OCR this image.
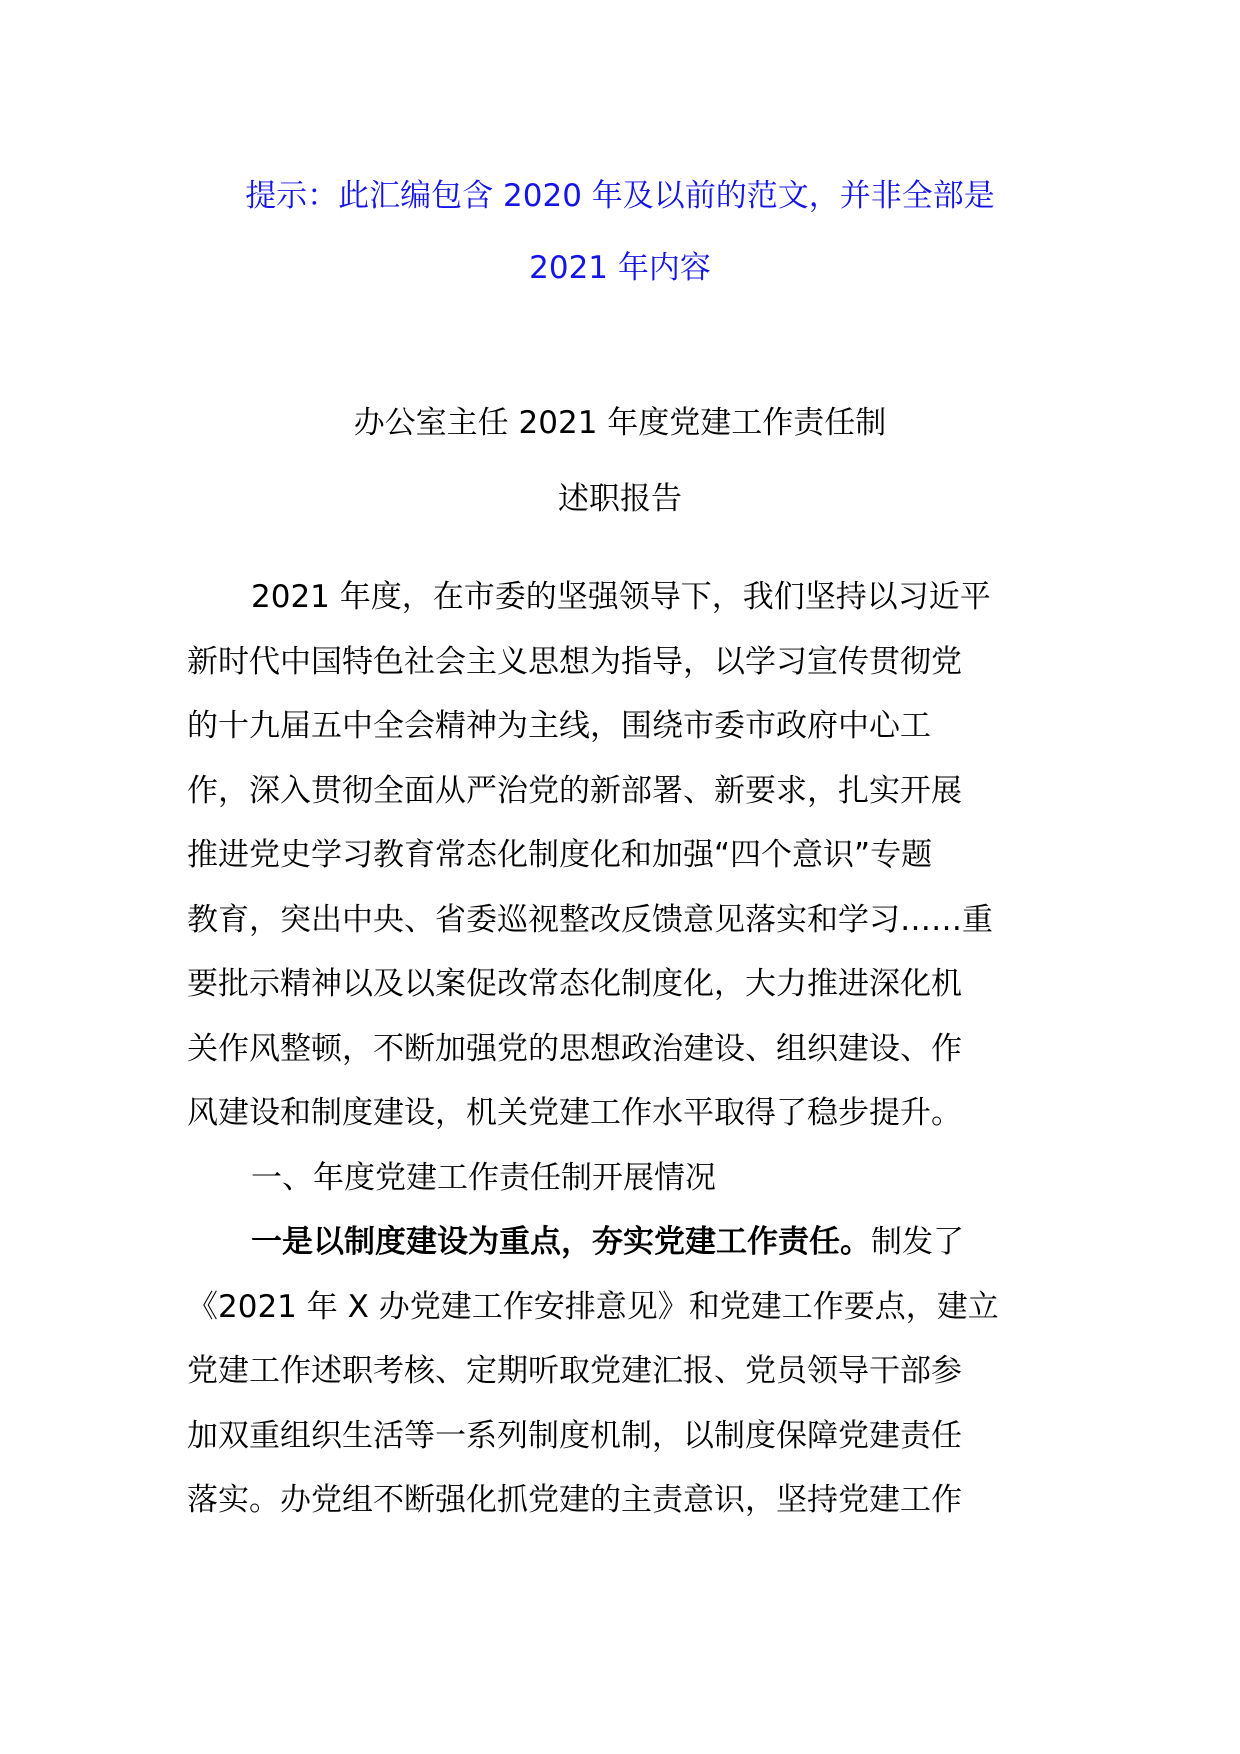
提示：此汇编包含 2020 年及以前的范文，并非全部是
2021 年内容
办公室主任 2021 年度党建工作责任制
述职报告
2021 年度，在市委的坚强领导下，我们坚持以习近平
新时代中国特色社会主义思想为指导，以学习宣传贯彻党
的十九届五中全会精神为主线，围绕市委市政府中心工
作，深入贯彻全面从严治党的新部署、新要求，扎实开展
推进党史学习教育常态化制度化和加强“四个意识”专题
教育，突出中央、省委巡视整改反馈意见落实和学习……重
要批示精神以及以案促改常态化制度化，大力推进深化机
关作风整顿，不断加强党的思想政治建设、组织建设、作
风建设和制度建设，机关党建工作水平取得了稳步提升。
一、年度党建工作责任制开展情况
一是以制度建设为重点，夯实党建工作责任。制发了
《2021 年 X 办党建工作安排意见》和党建工作要点，建立
党建工作述职考核、定期听取党建汇报、党员领导干部参
加双重组织生活等一系列制度机制，以制度保障党建责任
落实。办党组不断强化抓党建的主责意识，坚持党建工作
